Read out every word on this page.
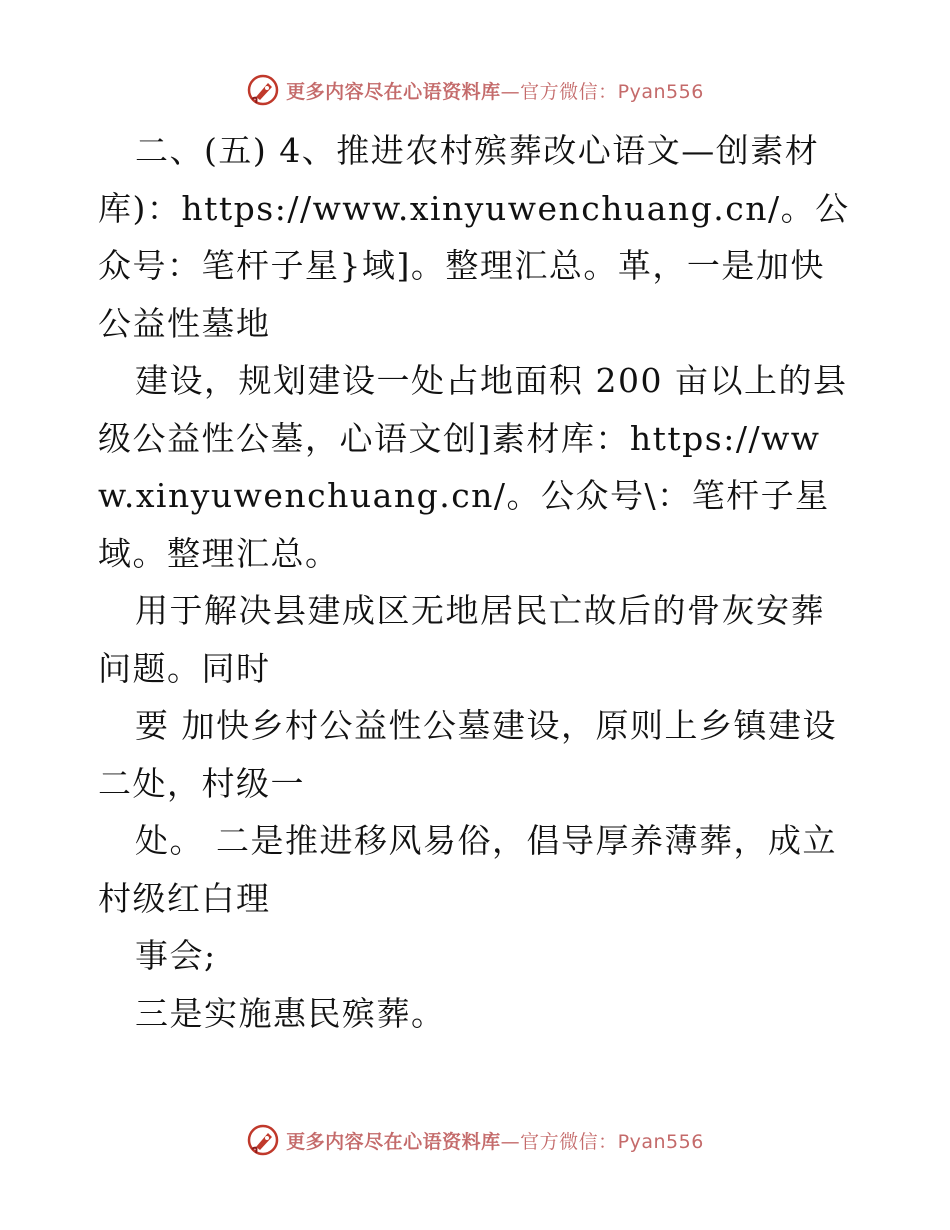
更多内容尽在心语资料库—官方微信：Pyan556

二、(五) 4、推进农村殡葬改心语文—创素材库)：https://www.xinyuwenchuang.cn/。公众号：笔杆子星}域]。整理汇总。革，一是加快公益性墓地

建设，规划建设一处占地面积 200 亩以上的县级公益性公墓，心语文创]素材库：https://www.xinyuwenchuang.cn/。公众号\：笔杆子星域。整理汇总。

用于解决县建成区无地居民亡故后的骨灰安葬问题。同时

要 加快乡村公益性公墓建设，原则上乡镇建设二处，村级一

处。 二是推进移风易俗，倡导厚养薄葬，成立村级红白理

事会;

三是实施惠民殡葬。

更多内容尽在心语资料库—官方微信：Pyan556
